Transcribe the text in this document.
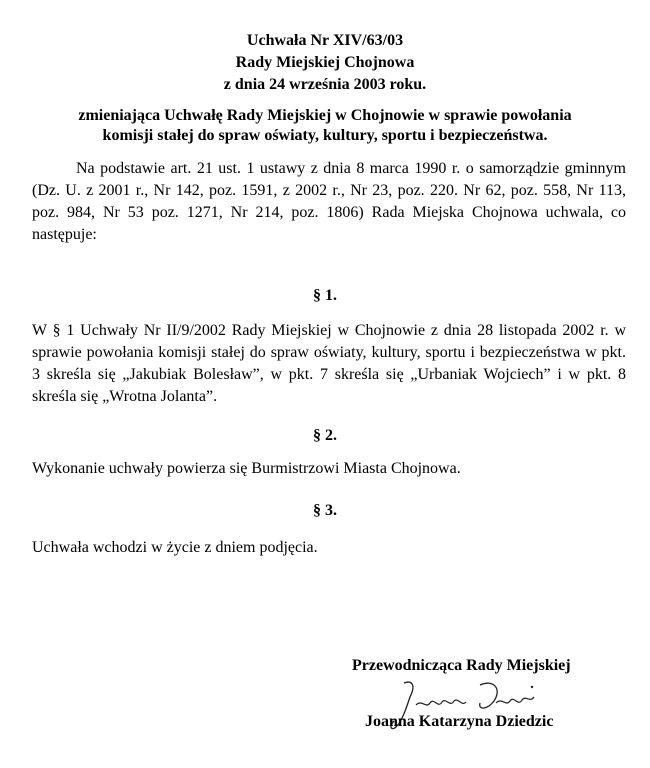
Uchwała Nr XIV/63/03
Rady Miejskiej Chojnowa
z dnia 24 września 2003 roku.
zmieniająca Uchwałę Rady Miejskiej w Chojnowie w sprawie powołania
komisji stałej do spraw oświaty, kultury, sportu i bezpieczeństwa.
Na podstawie art. 21 ust. 1 ustawy z dnia 8 marca 1990 r. o samorządzie gminnym (Dz. U. z 2001 r., Nr 142, poz. 1591, z 2002 r., Nr 23, poz. 220. Nr 62, poz. 558, Nr 113, poz. 984, Nr 53 poz. 1271, Nr 214, poz. 1806) Rada Miejska Chojnowa uchwala, co następuje:
§ 1.
W § 1 Uchwały Nr II/9/2002 Rady Miejskiej w Chojnowie z dnia 28 listopada 2002 r. w sprawie powołania komisji stałej do spraw oświaty, kultury, sportu i bezpieczeństwa w pkt. 3 skreśla się „Jakubiak Bolesław”, w pkt. 7 skreśla się „Urbaniak Wojciech” i w pkt. 8 skreśla się „Wrotna Jolanta”.
§ 2.
Wykonanie uchwały powierza się Burmistrzowi Miasta Chojnowa.
§ 3.
Uchwała wchodzi w życie z dniem podjęcia.
Przewodnicząca Rady Miejskiej
Joanna Katarzyna Dziedzic
